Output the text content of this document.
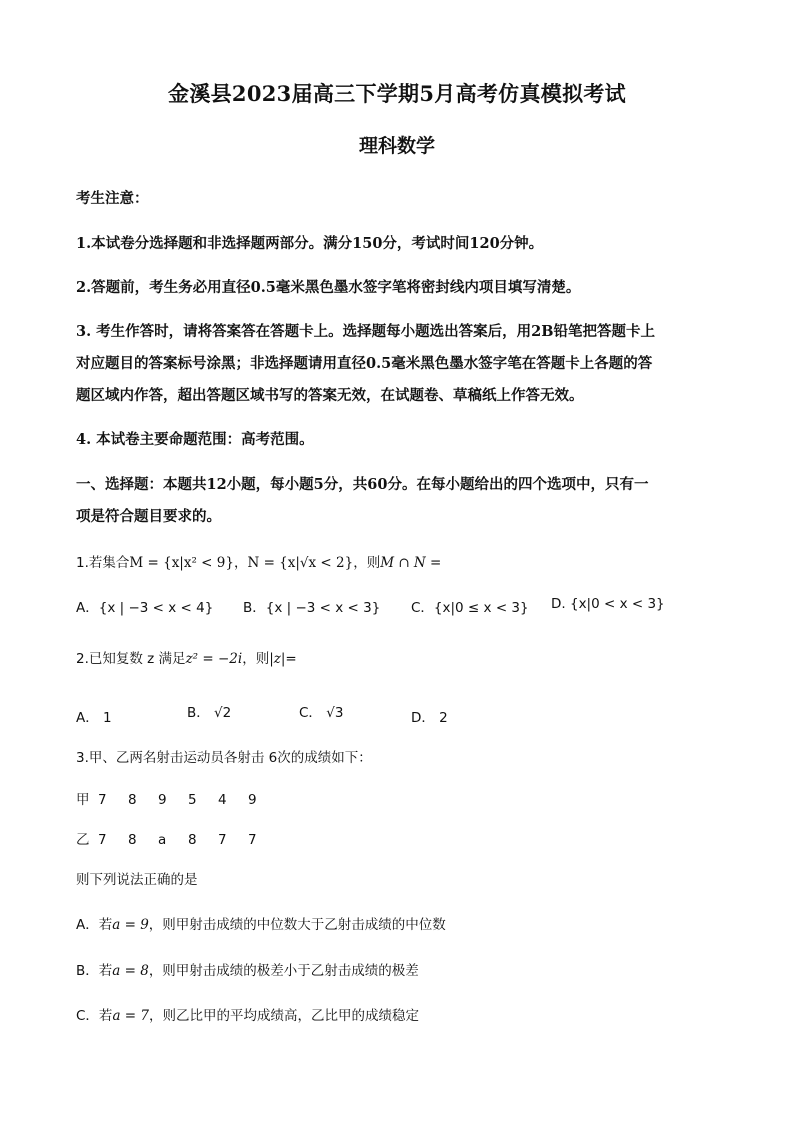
金溪县2023届高三下学期5月高考仿真模拟考试
理科数学
考生注意：
1.本试卷分选择题和非选择题两部分。满分150分，考试时间120分钟。
2.答题前，考生务必用直径0.5毫米黑色墨水签字笔将密封线内项目填写清楚。
3. 考生作答时，请将答案答在答题卡上。选择题每小题选出答案后，用2B铅笔把答题卡上
对应题目的答案标号涂黑；非选择题请用直径0.5毫米黑色墨水签字笔在答题卡上各题的答
题区域内作答，超出答题区域书写的答案无效，在试题卷、草稿纸上作答无效。
4. 本试卷主要命题范围：高考范围。
一、选择题：本题共12小题，每小题5分，共60分。在每小题给出的四个选项中，只有一
项是符合题目要求的。
1.若集合M = {x|x² < 9}，N = {x|√x < 2}，则M ∩ N =
A．{x | −3 < x < 4} B．{x | −3 < x < 3} C．{x|0 ≤ x < 3} D. {x|0 < x < 3}
2.已知复数 z 满足z² = −2i，则|z|=
A． 1	B． √2	C． √3	D． 2
3.甲、乙两名射击运动员各射击 6次的成绩如下：
甲 7 8 9 5 4 9
乙 7 8 a 8 7 7
则下列说法正确的是
A．若a = 9，则甲射击成绩的中位数大于乙射击成绩的中位数
B．若a = 8，则甲射击成绩的极差小于乙射击成绩的极差
C．若a = 7，则乙比甲的平均成绩高，乙比甲的成绩稳定
